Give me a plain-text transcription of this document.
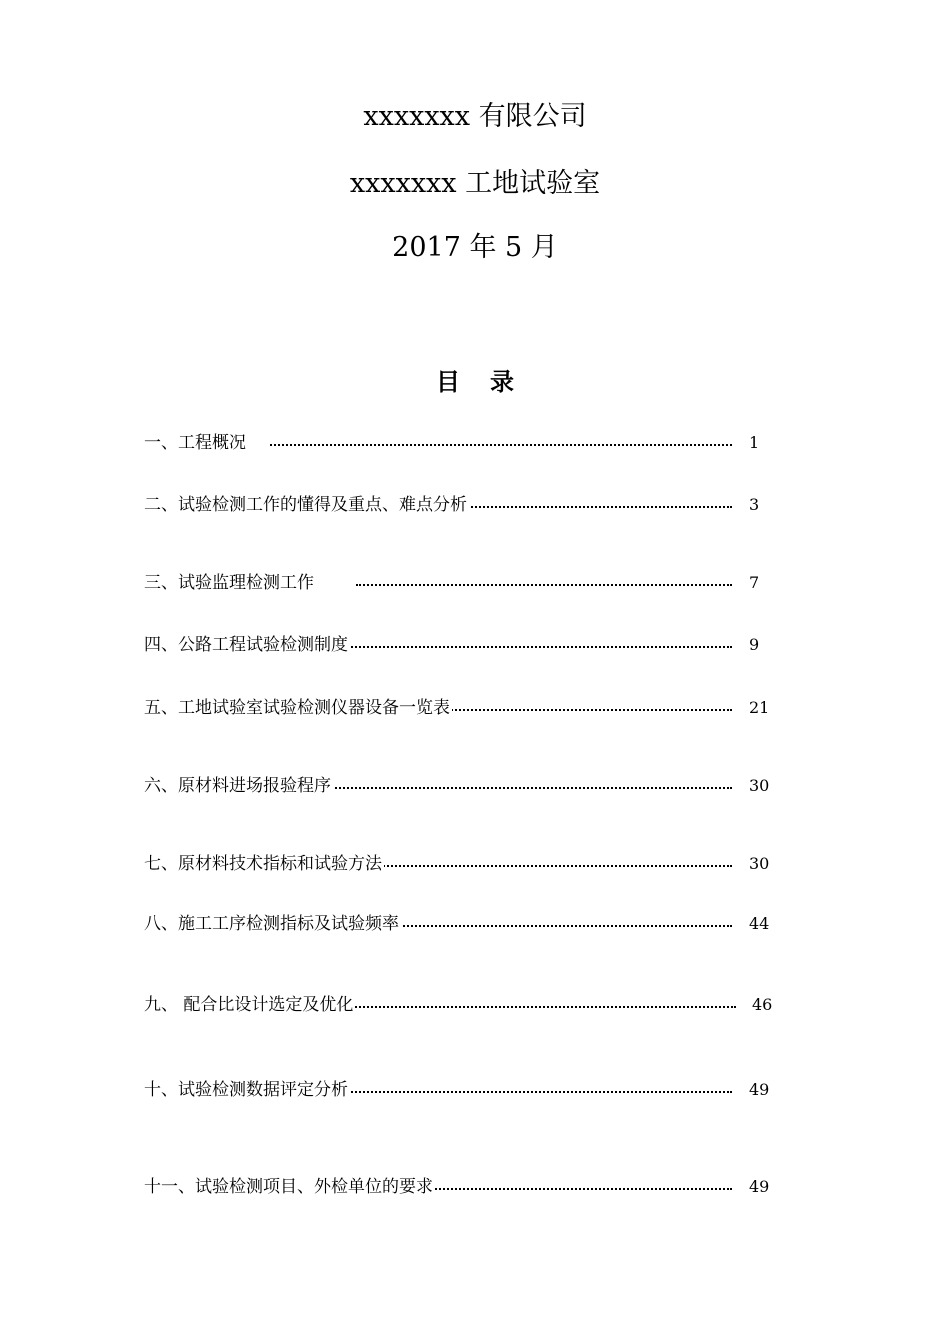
xxxxxxx 有限公司
xxxxxxx 工地试验室
2017 年 5 月
目录
一、工程概况	1
二、试验检测工作的懂得及重点、难点分析	3
三、试验监理检测工作	7
四、公路工程试验检测制度	9
五、工地试验室试验检测仪器设备一览表	21
六、原材料进场报验程序	30
七、原材料技术指标和试验方法	30
八、施工工序检测指标及试验频率	44
九、 配合比设计选定及优化	46
十、试验检测数据评定分析	49
十一、试验检测项目、外检单位的要求	49
